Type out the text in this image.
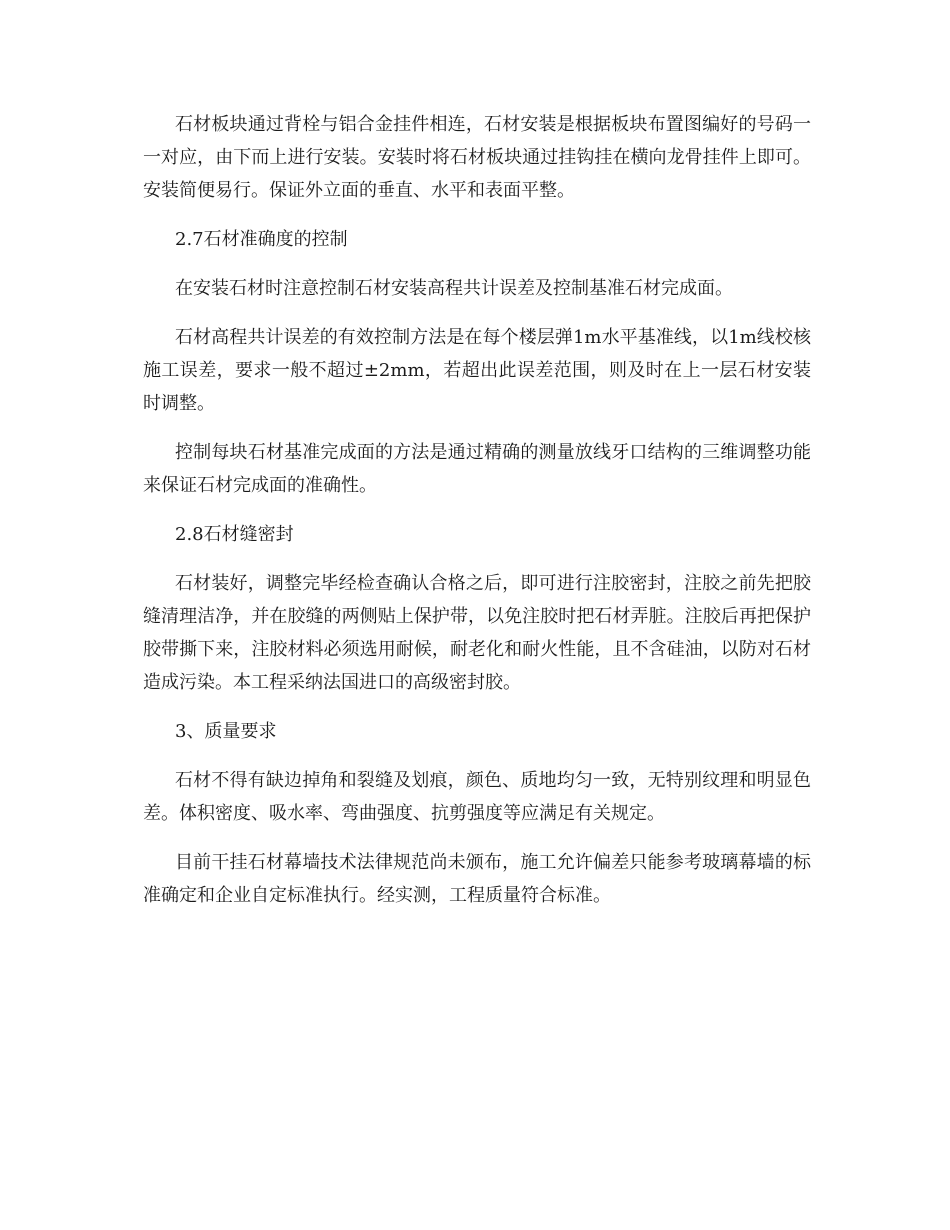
石材板块通过背栓与铝合金挂件相连，石材安装是根据板块布置图编好的号码一一对应，由下而上进行安装。安装时将石材板块通过挂钩挂在横向龙骨挂件上即可。安装简便易行。保证外立面的垂直、水平和表面平整。

2.7石材准确度的控制

在安装石材时注意控制石材安装高程共计误差及控制基准石材完成面。

石材高程共计误差的有效控制方法是在每个楼层弹1m水平基准线，以1m线校核施工误差，要求一般不超过±2mm，若超出此误差范围，则及时在上一层石材安装时调整。

控制每块石材基准完成面的方法是通过精确的测量放线牙口结构的三维调整功能来保证石材完成面的准确性。

2.8石材缝密封

石材装好，调整完毕经检查确认合格之后，即可进行注胶密封，注胶之前先把胶缝清理洁净，并在胶缝的两侧贴上保护带，以免注胶时把石材弄脏。注胶后再把保护胶带撕下来，注胶材料必须选用耐候，耐老化和耐火性能，且不含硅油，以防对石材造成污染。本工程采纳法国进口的高级密封胶。

3、质量要求

石材不得有缺边掉角和裂缝及划痕，颜色、质地均匀一致，无特别纹理和明显色差。体积密度、吸水率、弯曲强度、抗剪强度等应满足有关规定。

目前干挂石材幕墙技术法律规范尚未颁布，施工允许偏差只能参考玻璃幕墙的标准确定和企业自定标准执行。经实测，工程质量符合标准。
